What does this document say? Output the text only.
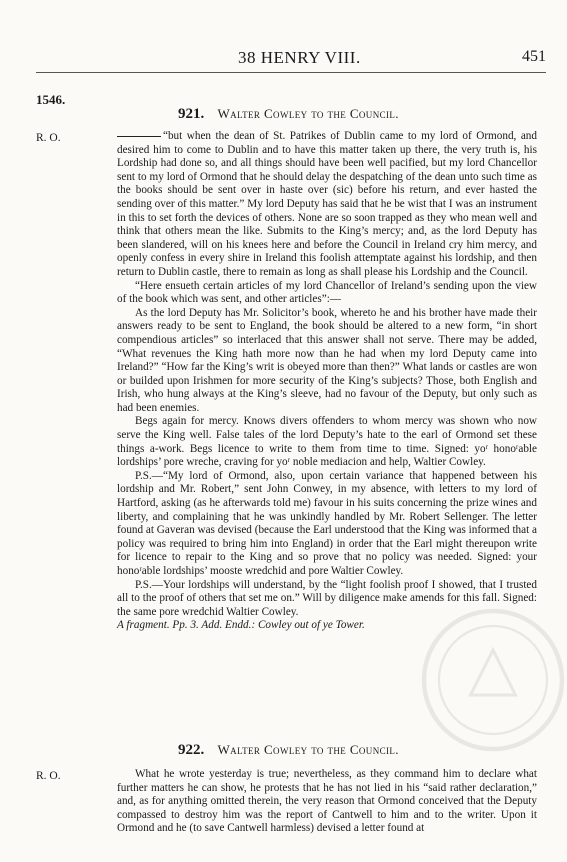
38 HENRY VIII.	451
1546.
921. Walter Cowley to the Council.
R. O.	“but when the dean of St. Patrikes of Dublin came to my lord of Ormond, and desired him to come to Dublin and to have this matter taken up there, the very truth is, his Lordship had done so, and all things should have been well pacified, but my lord Chancellor sent to my lord of Ormond that he should delay the despatching of the dean unto such time as the books should be sent over in haste over (sic) before his return, and ever hasted the sending over of this matter.” My lord Deputy has said that he be wist that I was an instrument in this to set forth the devices of others. None are so soon trapped as they who mean well and think that others mean the like. Submits to the King’s mercy; and, as the lord Deputy has been slandered, will on his knees here and before the Council in Ireland cry him mercy, and openly confess in every shire in Ireland this foolish attemptate against his lordship, and then return to Dublin castle, there to remain as long as shall please his Lordship and the Council.

“Here ensueth certain articles of my lord Chancellor of Ireland’s sending upon the view of the book which was sent, and other articles”:—

As the lord Deputy has Mr. Solicitor’s book, whereto he and his brother have made their answers ready to be sent to England, the book should be altered to a new form, “in short compendious articles” so interlaced that this answer shall not serve. There may be added, “What revenues the King hath more now than he had when my lord Deputy came into Ireland?” “How far the King’s writ is obeyed more than then?” What lands or castles are won or builded upon Irishmen for more security of the King’s subjects? Those, both English and Irish, who hung always at the King’s sleeve, had no favour of the Deputy, but only such as had been enemies.

Begs again for mercy. Knows divers offenders to whom mercy was shown who now serve the King well. False tales of the lord Deputy’s hate to the earl of Ormond set these things a-work. Begs licence to write to them from time to time. Signed: yoʳ honoʳable lordships’ pore wreche, craving for yoʳ noble mediacion and help, Waltier Cowley.

P.S.—“My lord of Ormond, also, upon certain variance that happened between his lordship and Mr. Robert,” sent John Conwey, in my absence, with letters to my lord of Hartford, asking (as he afterwards told me) favour in his suits concerning the prize wines and liberty, and complaining that he was unkindly handled by Mr. Robert Sellenger. The letter found at Gaveran was devised (because the Earl understood that the King was informed that a policy was required to bring him into England) in order that the Earl might thereupon write for licence to repair to the King and so prove that no policy was needed. Signed: your honoʳable lordships’ mooste wredchid and pore Waltier Cowley.

P.S.—Your lordships will understand, by the “light foolish proof I showed, that I trusted all to the proof of others that set me on.” Will by diligence make amends for this fall. Signed: the same pore wredchid Waltier Cowley.

A fragment. Pp. 3. Add. Endd.: Cowley out of ye Tower.

922. Walter Cowley to the Council.
R. O.	What he wrote yesterday is true; nevertheless, as they command him to declare what further matters he can show, he protests that he has not lied in his “said rather declaration,” and, as for anything omitted therein, the very reason that Ormond conceived that the Deputy compassed to destroy him was the report of Cantwell to him and to the writer. Upon it Ormond and he (to save Cantwell harmless) devised a letter found at
